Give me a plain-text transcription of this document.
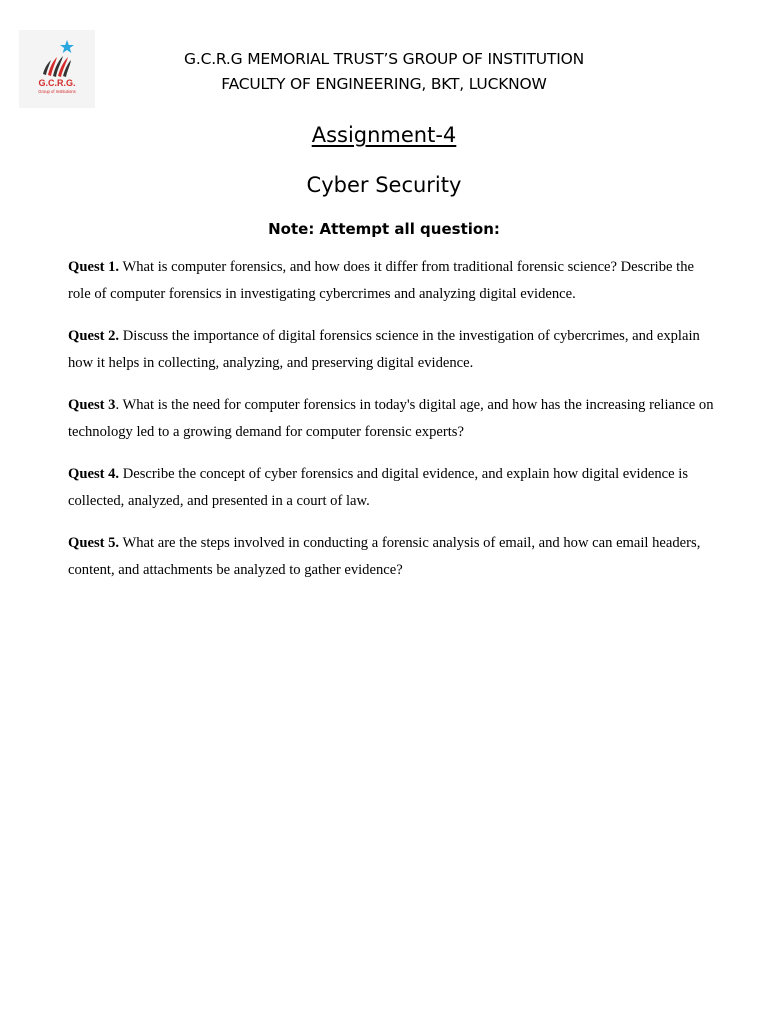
G.C.R.G.
Group of Institutions
G.C.R.G MEMORIAL TRUST’S GROUP OF INSTITUTION
FACULTY OF ENGINEERING, BKT, LUCKNOW
Assignment-4
Cyber Security
Note: Attempt all question:

Quest 1. What is computer forensics, and how does it differ from traditional forensic science? Describe the role of computer forensics in investigating cybercrimes and analyzing digital evidence.

Quest 2. Discuss the importance of digital forensics science in the investigation of cybercrimes, and explain how it helps in collecting, analyzing, and preserving digital evidence.

Quest 3. What is the need for computer forensics in today's digital age, and how has the increasing reliance on technology led to a growing demand for computer forensic experts?

Quest 4. Describe the concept of cyber forensics and digital evidence, and explain how digital evidence is collected, analyzed, and presented in a court of law.

Quest 5. What are the steps involved in conducting a forensic analysis of email, and how can email headers, content, and attachments be analyzed to gather evidence?
